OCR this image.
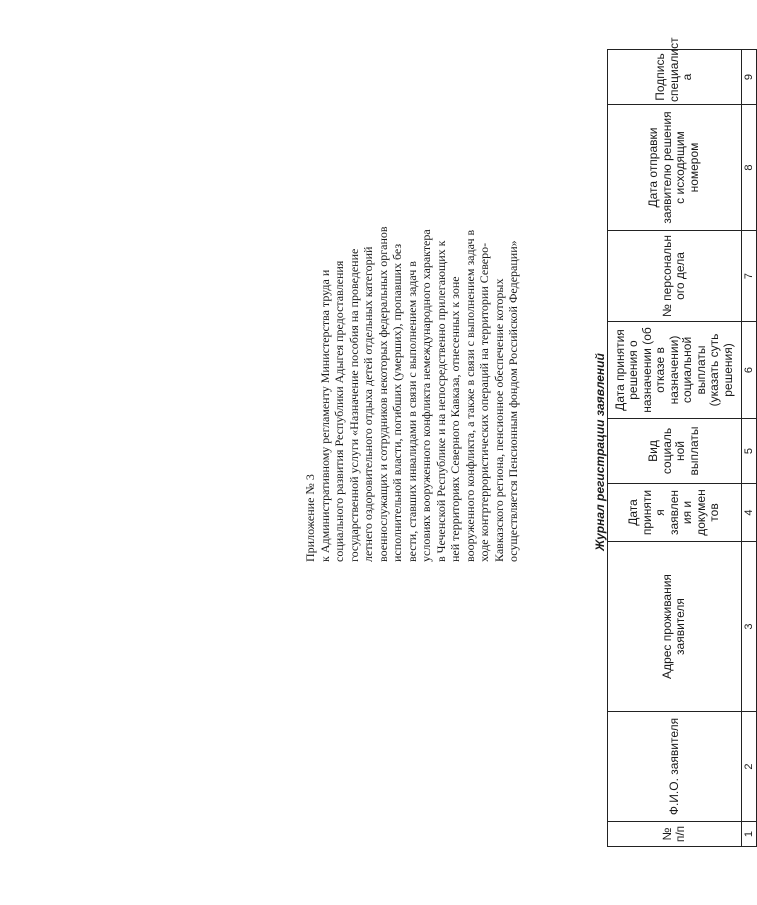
Приложение № 3 к Административному регламенту Министерства труда и социального развития Республики Адыгея предоставления государственной услуги «Назначение пособия на проведение летнего оздоровительного отдыха детей отдельных категорий военнослужащих и сотрудников некоторых федеральных органов исполнительной власти, погибших (умерших), пропавших без вести, ставших инвалидами в связи с выполнением задач в условиях вооруженного конфликта немеждународного характера в Чеченской Республике и на непосредственно прилегающих к ней территориях Северного Кавказа, отнесенных к зоне вооруженного конфликта, а также в связи с выполнением задач в ходе контртеррористических операций на территории Северо- Кавказского региона, пенсионное обеспечение которых осуществляется Пенсионным фондом Российской Федерации»	Журнал регистрации заявлений
№ п/п	Ф.И.О. заявителя	Адрес проживания заявителя	Дата приняти я заявлен ия и докумен тов	Вид социаль ной выплаты	Дата принятия решения о назначении (об отказе в назначении) социальной выплаты (указать суть решения)	№ персональн ого дела	Дата отправки заявителю решения с исходящим номером	Подпись специалист а
1	2	3	4	5	6	7	8	9
